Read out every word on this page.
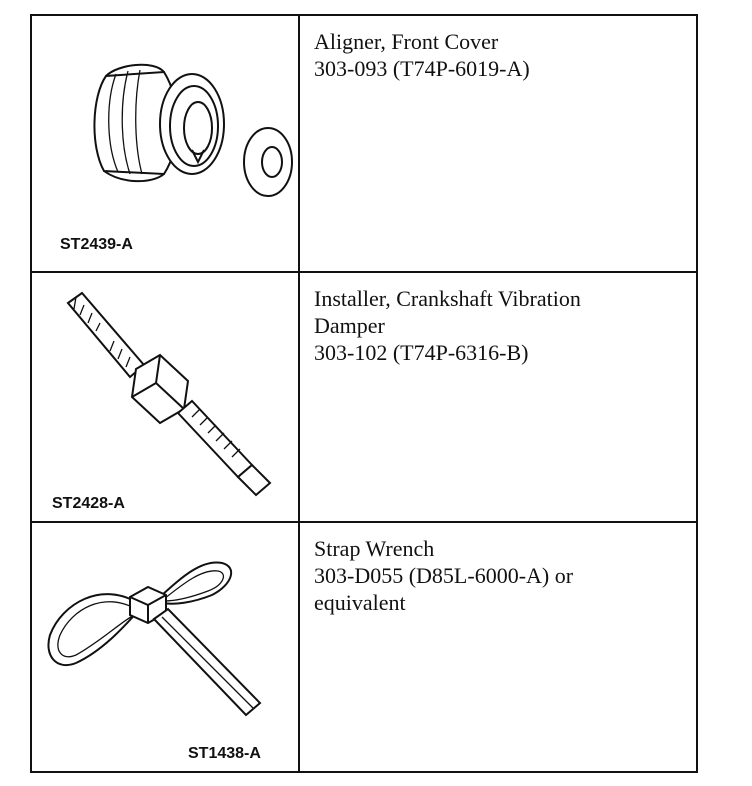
ST2439-A
Aligner, Front Cover
303-093 (T74P-6019-A)
ST2428-A
Installer, Crankshaft Vibration
Damper
303-102 (T74P-6316-B)
ST1438-A
Strap Wrench
303-D055 (D85L-6000-A) or
equivalent
